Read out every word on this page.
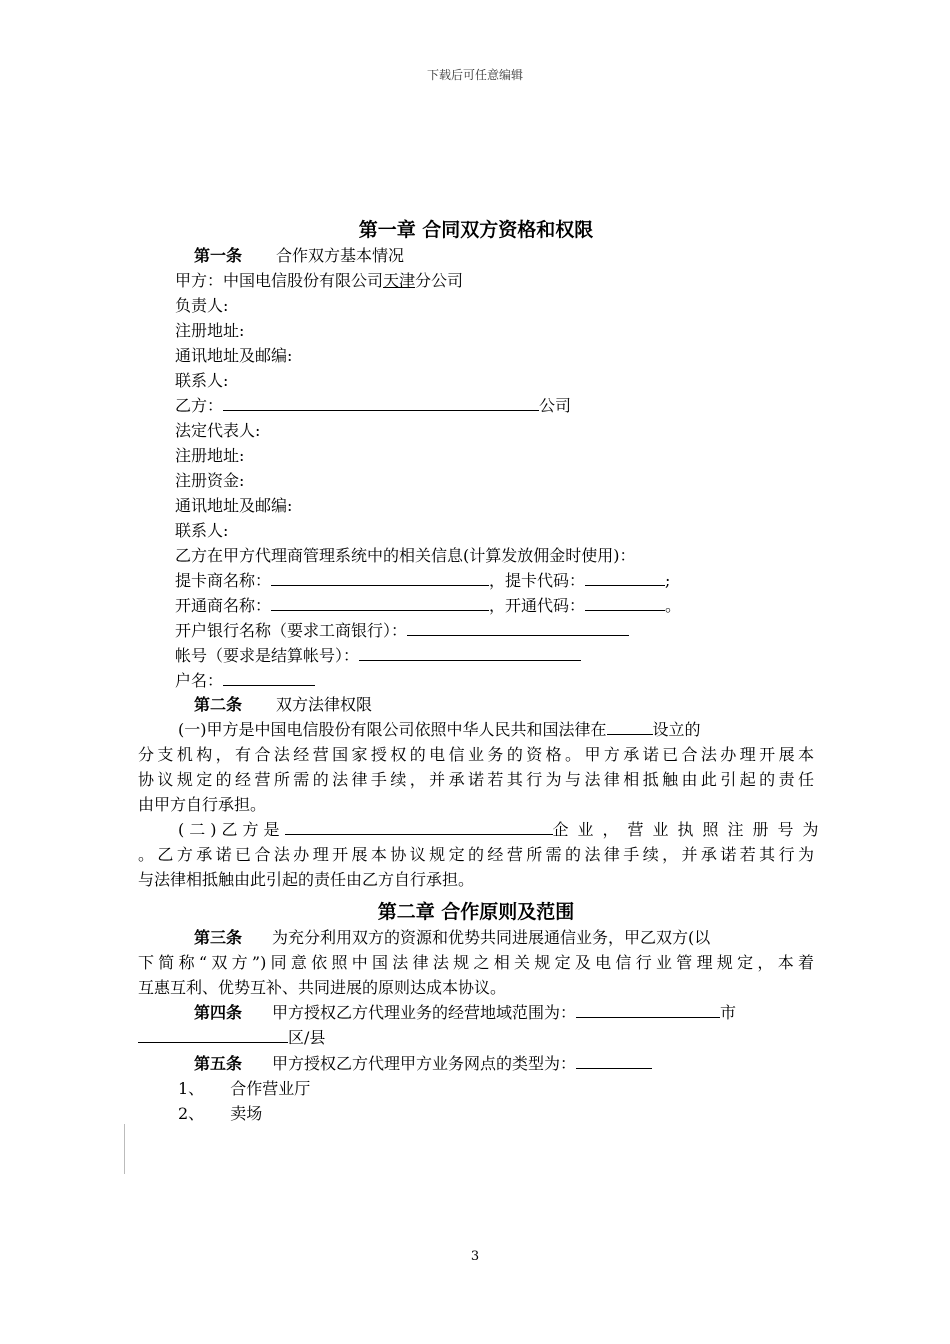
下载后可任意编辑
第一章 合同双方资格和权限
第一条 合作双方基本情况
甲方：中国电信股份有限公司天津分公司
负责人:
注册地址:
通讯地址及邮编:
联系人:
乙方：	公司
法定代表人:
注册地址:
注册资金:
通讯地址及邮编:
联系人:
乙方在甲方代理商管理系统中的相关信息(计算发放佣金时使用)：
提卡商名称：	，提卡代码：	;
开通商名称：	，开通代码：	。
开户银行名称（要求工商银行）：
帐号（要求是结算帐号）：
户名：
第二条 双方法律权限
(一)甲方是中国电信股份有限公司依照中华人民共和国法律在	设立的
分支机构，有合法经营国家授权的电信业务的资格。甲方承诺已合法办理开展本
协议规定的经营所需的法律手续，并承诺若其行为与法律相抵触由此引起的责任
由甲方自行承担。
(二)乙方是	企业，营业执照注册号为
。乙方承诺已合法办理开展本协议规定的经营所需的法律手续，并承诺若其行为
与法律相抵触由此引起的责任由乙方自行承担。
第二章 合作原则及范围
第三条 为充分利用双方的资源和优势共同进展通信业务，甲乙双方(以
下简称“双方”)同意依照中国法律法规之相关规定及电信行业管理规定，本着
互惠互利、优势互补、共同进展的原则达成本协议。
第四条 甲方授权乙方代理业务的经营地域范围为：	市
区/县
第五条 甲方授权乙方代理甲方业务网点的类型为：
1、 合作营业厅
2、 卖场
3
